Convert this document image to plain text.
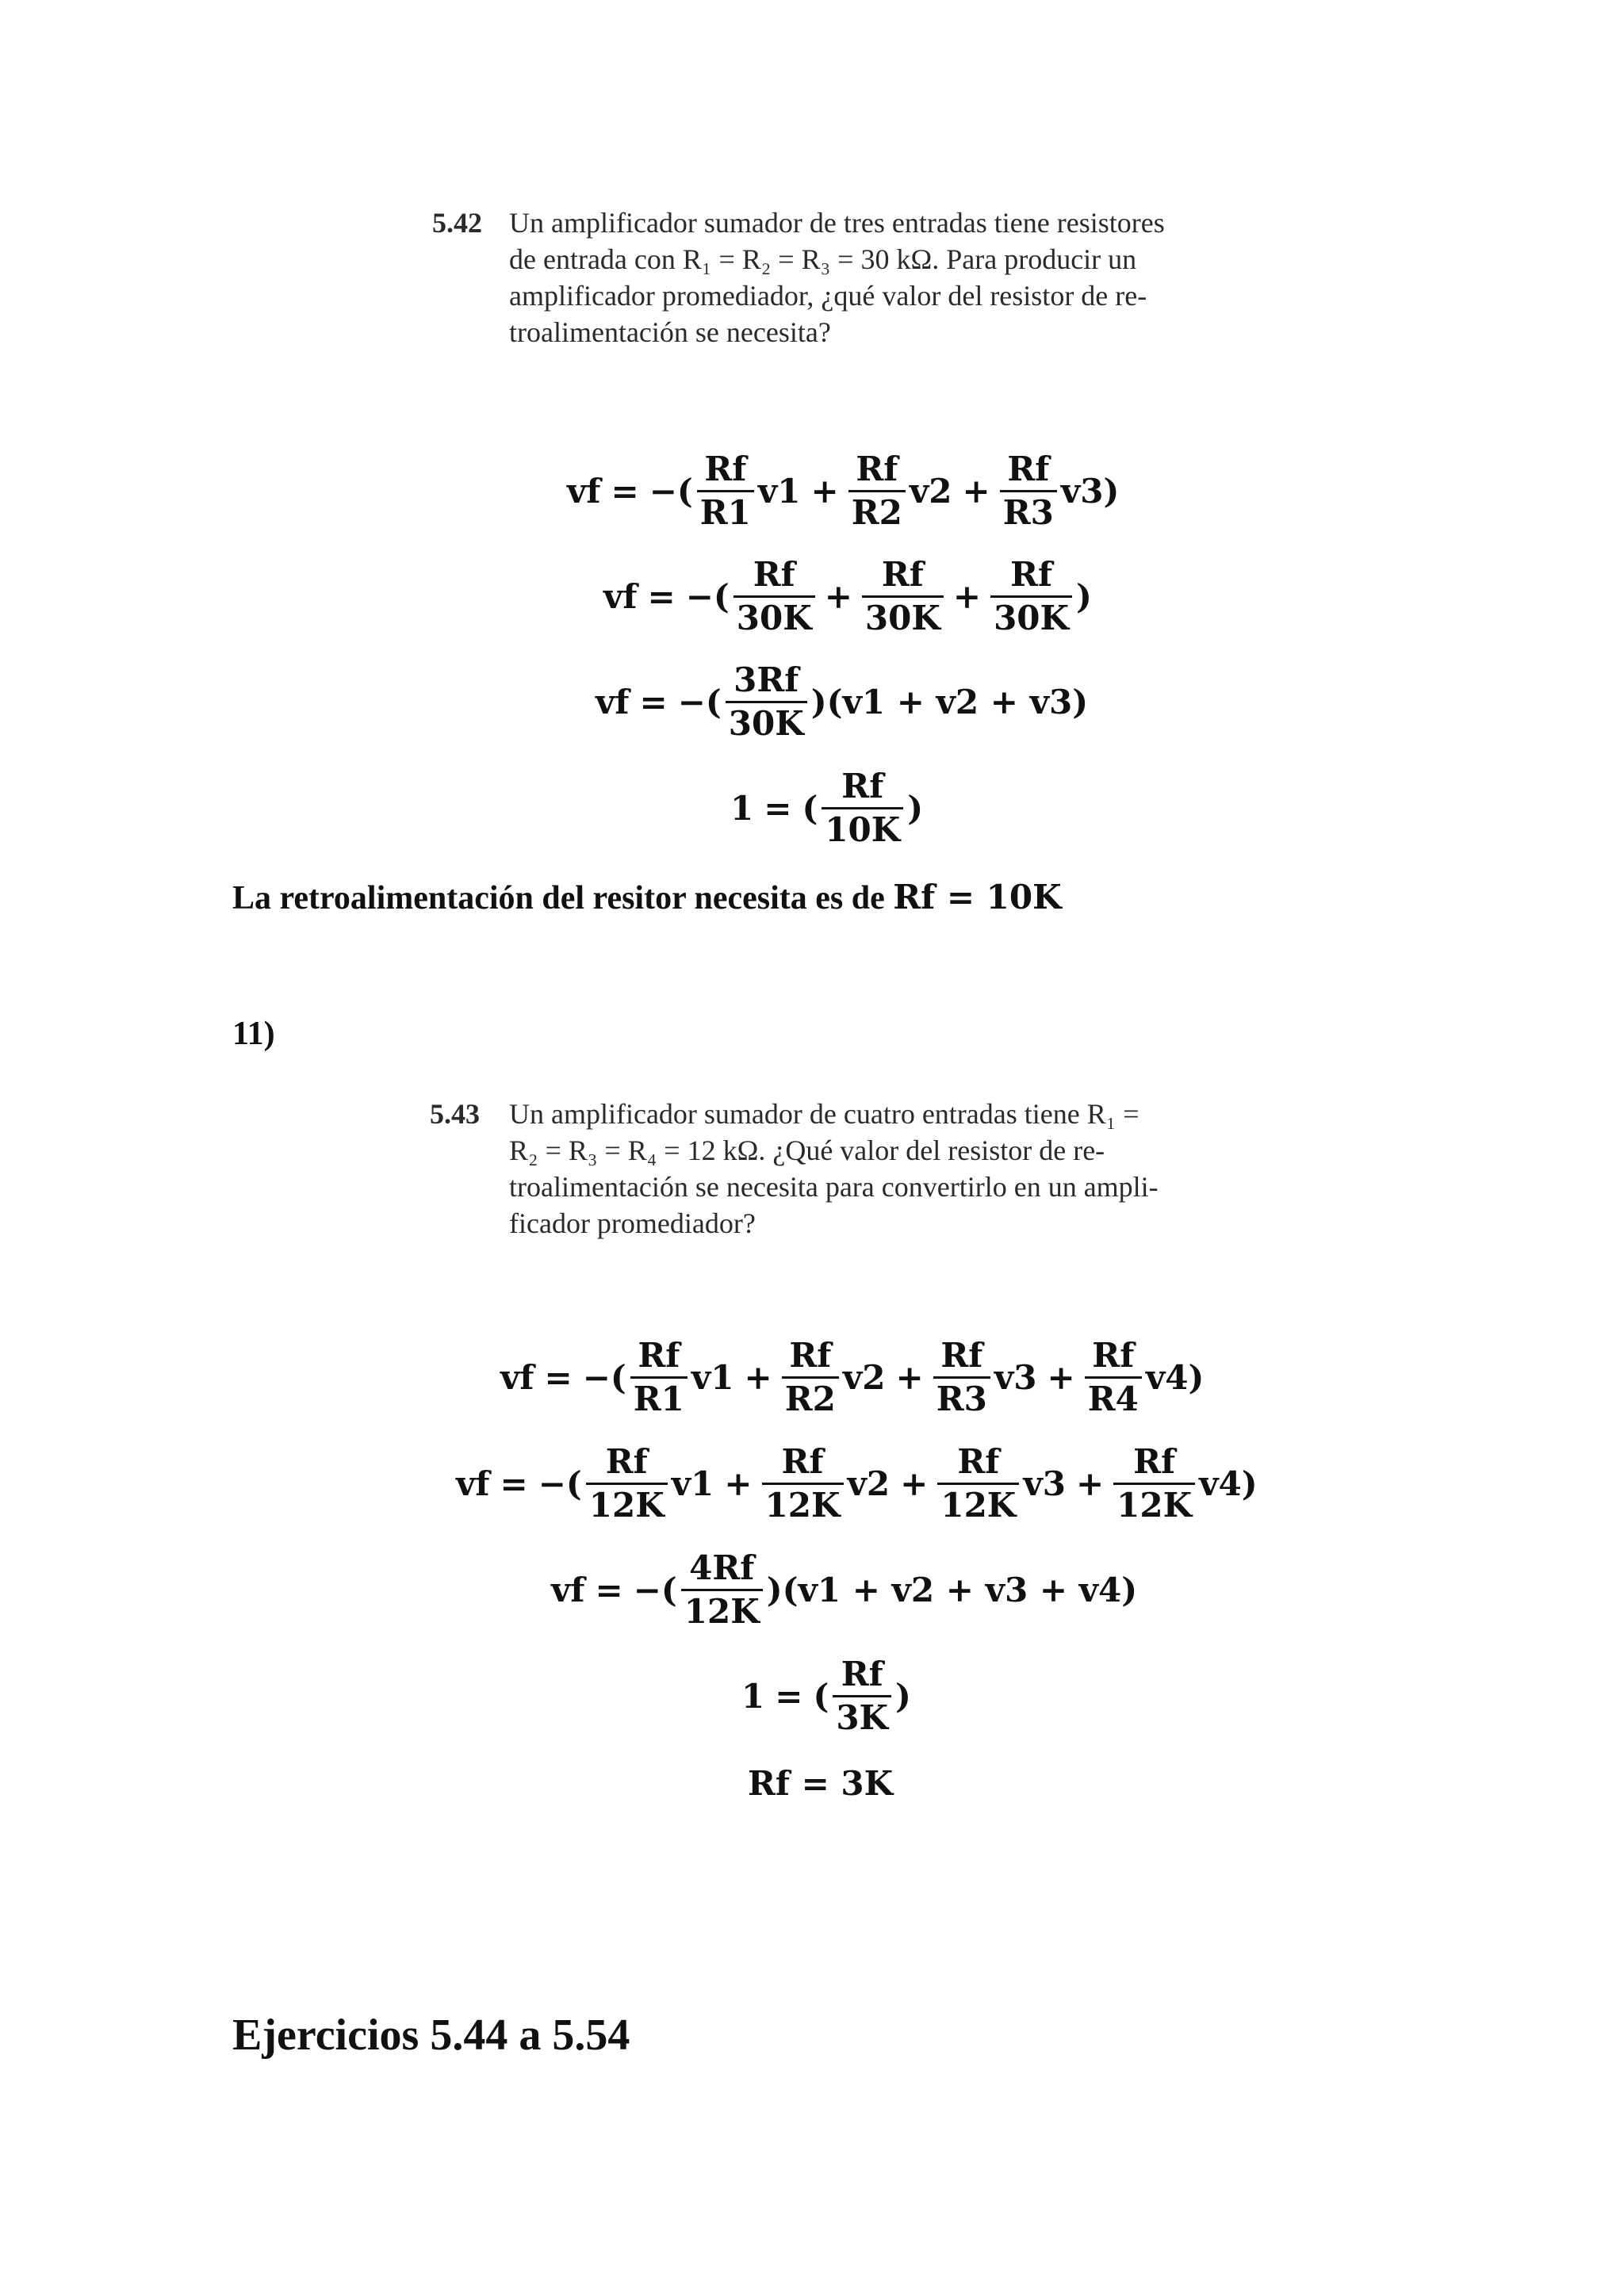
5.42 Un amplificador sumador de tres entradas tiene resistores
de entrada con R₁ = R₂ = R₃ = 30 kΩ. Para producir un
amplificador promediador, ¿qué valor del resistor de re-
troalimentación se necesita?
vf = −( $\frac{Rf}{R1} v1 + \frac{Rf}{R2} v2 + \frac{Rf}{R3} v3$)
vf = −( $\frac{Rf}{30K} + \frac{Rf}{30K} + \frac{Rf}{30K}$ )
vf = −( $\frac{3Rf}{30K} )(v1 + v2 + v3)$
1 = ( $\frac{Rf}{10K}$ )
La retroalimentación del resitor necesita es de Rf = 10K
11)
5.43 Un amplificador sumador de cuatro entradas tiene R₁ =
R₂ = R₃ = R₄ = 12 kΩ. ¿Qué valor del resistor de re-
troalimentación se necesita para convertirlo en un ampli-
ficador promediador?
vf = −( $\frac{Rf}{R1} v1 + \frac{Rf}{R2} v2 + \frac{Rf}{R3} v3 + \frac{Rf}{R4} v4$)
vf = −( $\frac{Rf}{12K} v1 + \frac{Rf}{12K} v2 + \frac{Rf}{12K} v3 + \frac{Rf}{12K} v4$)
vf = −( $\frac{4Rf}{12K} )(v1 + v2 + v3 + v4)$
1 = ( $\frac{Rf}{3K}$ )
Rf = 3K
Ejercicios 5.44 a 5.54
